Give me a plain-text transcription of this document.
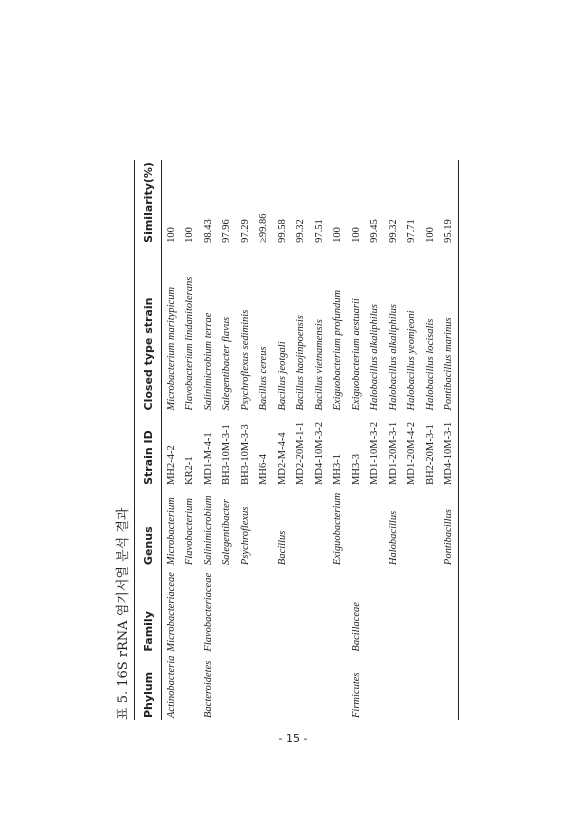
표 5. 16S rRNA 염기서열 분석 결과 Phylum	Family	Genus	Strain ID	Closed type strain	Similarity(%)
Actinobacteria	Microbacteriaceae	Microbacterium	MH2-4-2	Microbacterium maritypicum	100
		Flavobacterium	KR2-1	Flavobacterium lindanitolerans	100
Bacteroidetes	Flavobacteriaceae	Salinimicrobium	MD1-M-4-1	Salinimicrobium terrae	98.43
		Salegentibacter	BH3-10M-3-1	Salegentibacter flavus	97.96
		Psychroflexus	BH3-10M-3-3	Psychroflexus sediminis	97.29
			MH6-4	Bacillus cereus	≥99.86
		Bacillus	MD2-M-4-4	Bacillus jeotgali	99.58
			MD2-20M-1-1	Bacillus haojinpoensis	99.32
			MD4-10M-3-2	Bacillus vietnamensis	97.51
		Exiguobacterium	MH3-1	Exiguobacterium profundum	100
Firmicutes	Bacillaceae		MH3-3	Exiguobacterium aestuarii	100
			MD1-10M-3-2	Halobacillus alkaliphilus	99.45
		Halobacillus	MD1-20M-3-1	Halobacillus alkaliphilus	99.32
			MD1-20M-4-2	Halobacillus yeomjeoni	97.71
			BH2-20M-3-1	Halobacillus locisalis	100
		Pontibacillus	MD4-10M-3-1	Pontibacillus marinus	95.19
- 15 -
